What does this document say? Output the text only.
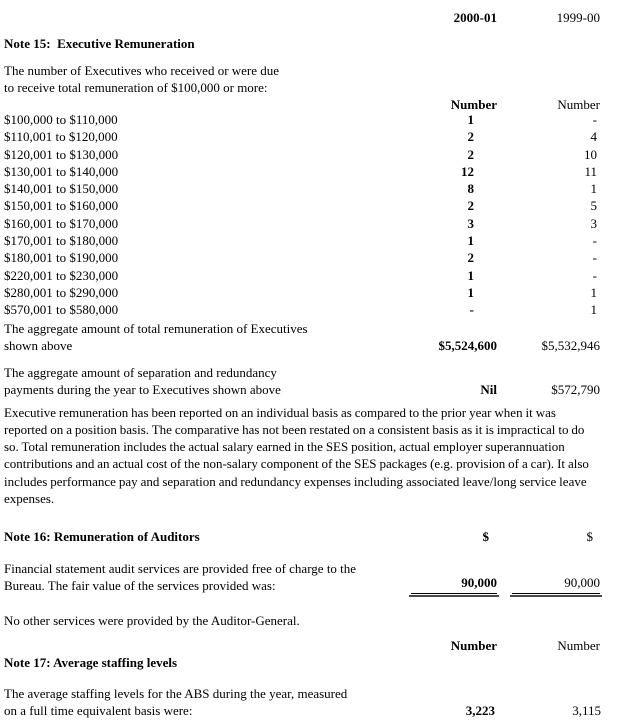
2000-01	1999-00
Note 15:  Executive Remuneration
The number of Executives who received or were due
to receive total remuneration of $100,000 or more:
Number	Number
$100,000 to $110,000	1	-
$110,001 to $120,000	2	4
$120,001 to $130,000	2	10
$130,001 to $140,000	12	11
$140,001 to $150,000	8	1
$150,001 to $160,000	2	5
$160,001 to $170,000	3	3
$170,001 to $180,000	1	-
$180,001 to $190,000	2	-
$220,001 to $230,000	1	-
$280,001 to $290,000	1	1
$570,001 to $580,000	-	1
The aggregate amount of total remuneration of Executives
shown above	$5,524,600	$5,532,946
The aggregate amount of separation and redundancy
payments during the year to Executives shown above	Nil	$572,790
Executive remuneration has been reported on an individual basis as compared to the prior year when it was reported on a position basis. The comparative has not been restated on a consistent basis as it is impractical to do so. Total remuneration includes the actual salary earned in the SES position, actual employer superannuation contributions and an actual cost of the non-salary component of the SES packages (e.g. provision of a car). It also includes performance pay and separation and redundancy expenses including associated leave/long service leave expenses.
Note 16: Remuneration of Auditors	$	$
Financial statement audit services are provided free of charge to the
Bureau. The fair value of the services provided was:	90,000	90,000
No other services were provided by the Auditor-General.
Number	Number
Note 17: Average staffing levels
The average staffing levels for the ABS during the year, measured
on a full time equivalent basis were:	3,223	3,115
